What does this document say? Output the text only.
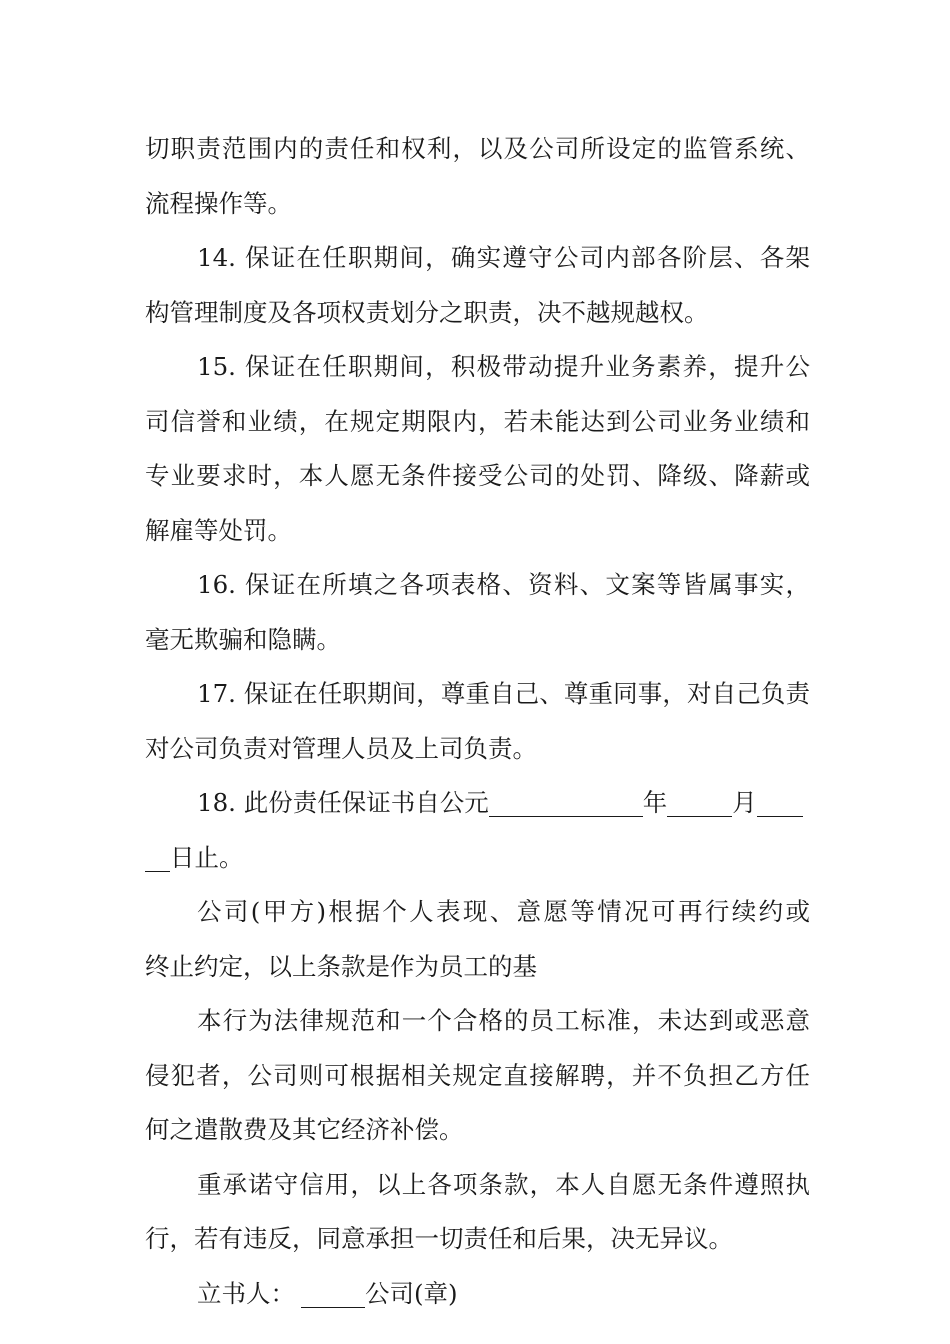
切职责范围内的责任和权利，以及公司所设定的监管系统、
流程操作等。
14. 保证在任职期间，确实遵守公司内部各阶层、各架
构管理制度及各项权责划分之职责，决不越规越权。
15. 保证在任职期间，积极带动提升业务素养，提升公
司信誉和业绩，在规定期限内，若未能达到公司业务业绩和
专业要求时，本人愿无条件接受公司的处罚、降级、降薪或
解雇等处罚。
16. 保证在所填之各项表格、资料、文案等皆属事实，
毫无欺骗和隐瞒。
17. 保证在任职期间，尊重自己、尊重同事，对自己负责
对公司负责对管理人员及上司负责。
18. 此份责任保证书自公元	年	月
日止。
公司(甲方)根据个人表现、意愿等情况可再行续约或
终止约定，以上条款是作为员工的基
本行为法律规范和一个合格的员工标准，未达到或恶意
侵犯者，公司则可根据相关规定直接解聘，并不负担乙方任
何之遣散费及其它经济补偿。
重承诺守信用，以上各项条款，本人自愿无条件遵照执
行，若有违反，同意承担一切责任和后果，决无异议。
立书人：	公司(章)
